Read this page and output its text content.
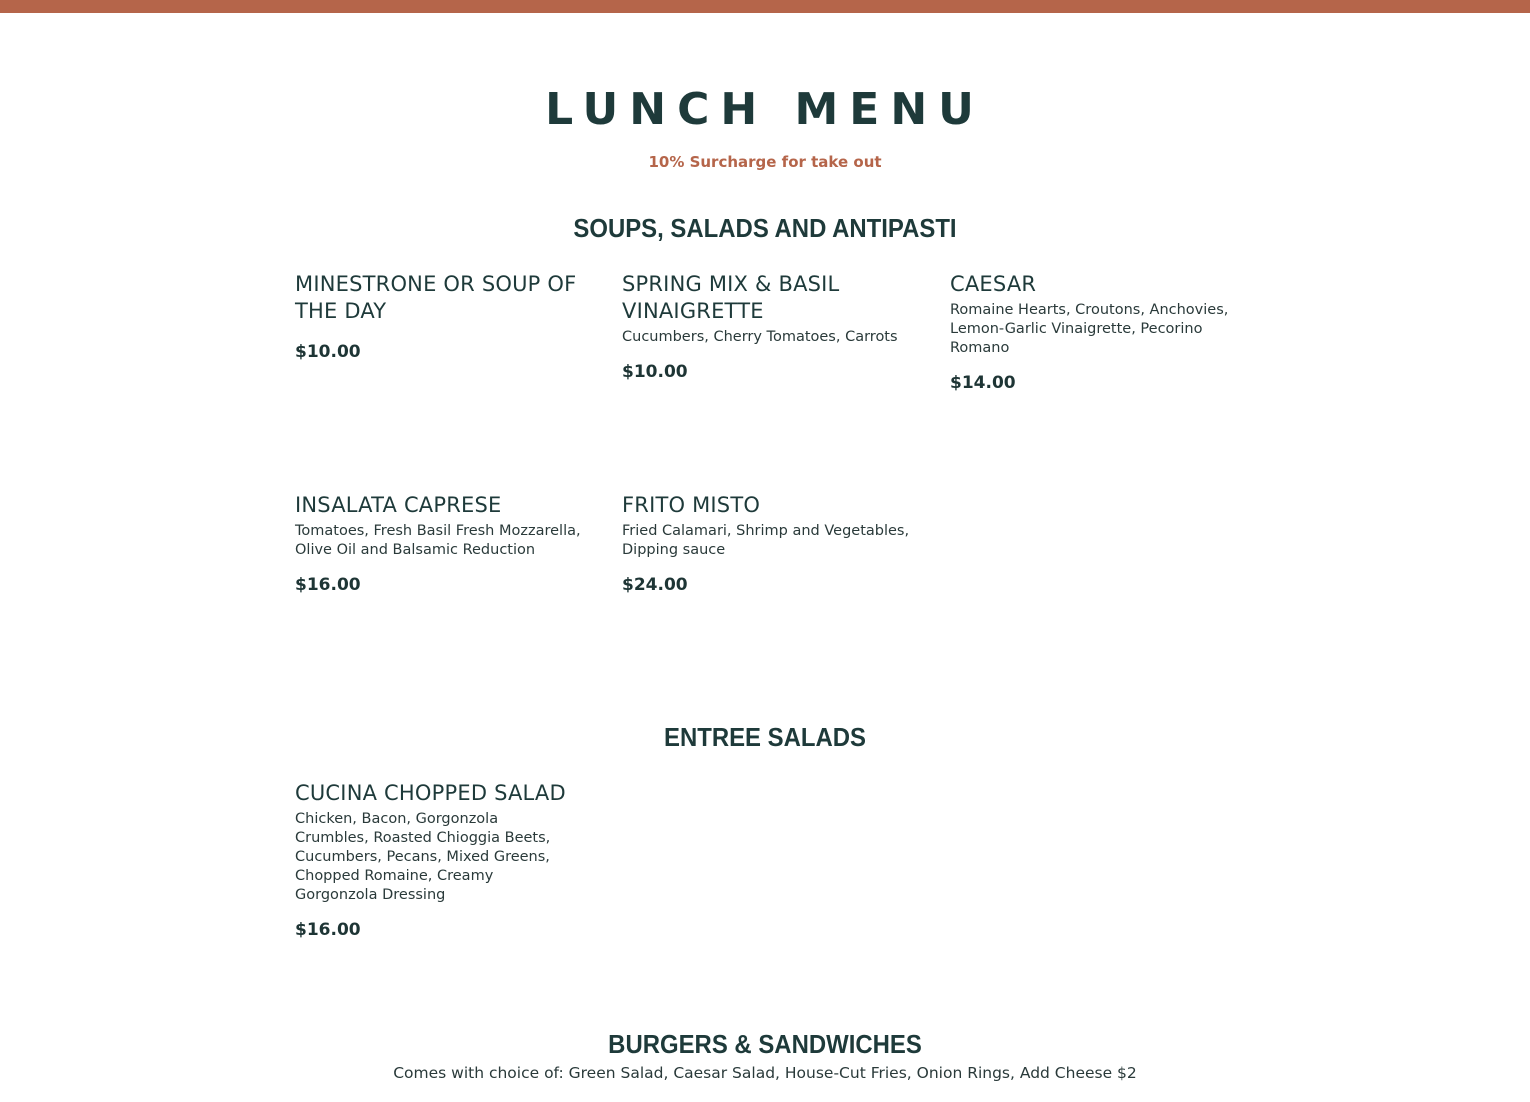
LUNCH MENU
10% Surcharge for take out
SOUPS, SALADS AND ANTIPASTI
MINESTRONE OR SOUP OF THE DAY
$10.00
SPRING MIX & BASIL VINAIGRETTE

Cucumbers, Cherry Tomatoes, Carrots

$10.00
CAESAR

Romaine Hearts, Croutons, Anchovies, Lemon-Garlic Vinaigrette, Pecorino Romano

$14.00
INSALATA CAPRESE

Tomatoes, Fresh Basil Fresh Mozzarella, Olive Oil and Balsamic Reduction

$16.00
FRITO MISTO

Fried Calamari, Shrimp and Vegetables, Dipping sauce

$24.00
ENTREE SALADS
CUCINA CHOPPED SALAD

Chicken, Bacon, Gorgonzola Crumbles, Roasted Chioggia Beets, Cucumbers, Pecans, Mixed Greens, Chopped Romaine, Creamy Gorgonzola Dressing

$16.00
BURGERS & SANDWICHES
Comes with choice of: Green Salad, Caesar Salad, House-Cut Fries, Onion Rings, Add Cheese $2
